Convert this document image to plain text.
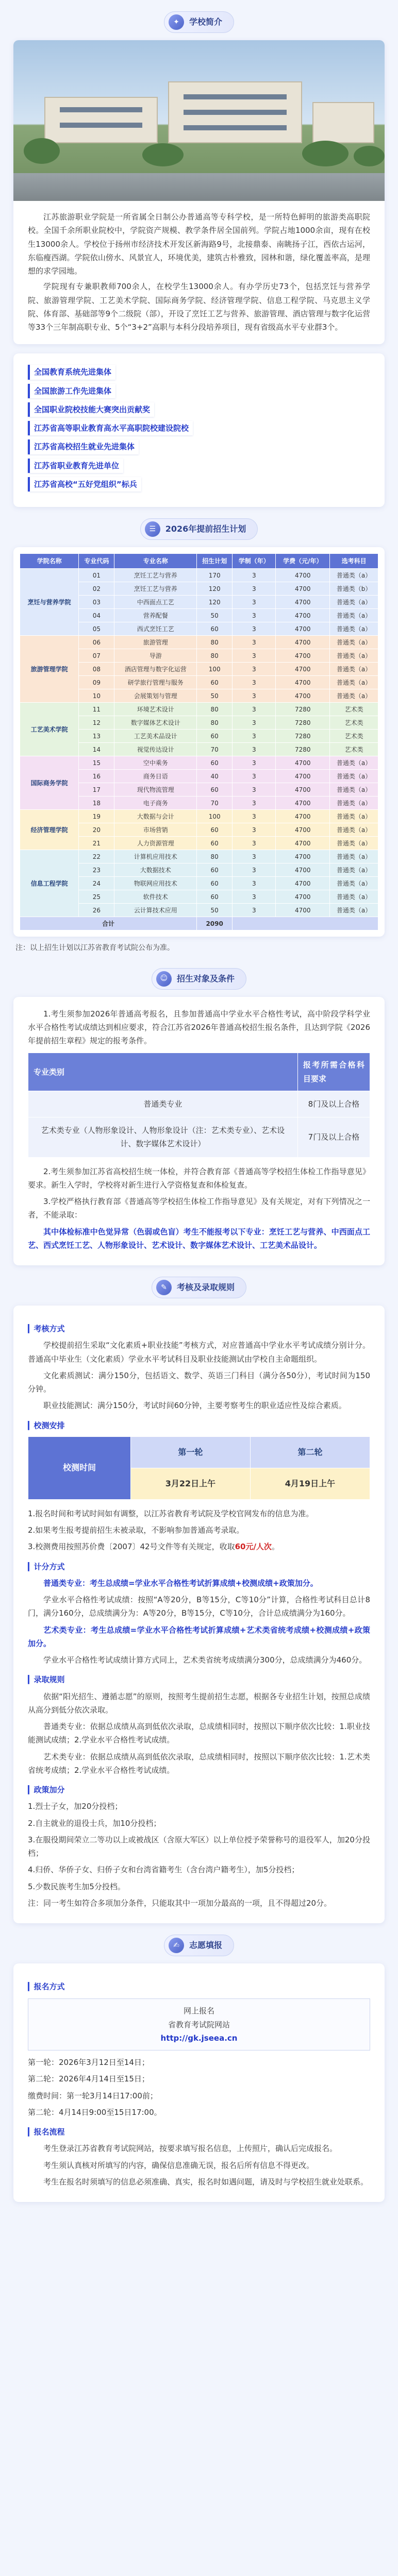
✦	学校简介

江苏旅游职业学院是一所省属全日制公办普通高等专科学校，是一所特色鲜明的旅游类高职院校。全国千余所职业院校中，学院资产规模、教学条件居全国前列。学院占地1000余亩，现有在校生13000余人。学校位于扬州市经济技术开发区新海路9号，北接鼎泰、南眺扬子江，西依古运河，东临瘦西湖。学院依山傍水、风景宜人，环境优美，建筑古朴雅致，园林和谐，绿化覆盖率高，是理想的求学园地。

学院现有专兼职教师700余人，在校学生13000余人。有办学历史73个，包括烹饪与营养学院、旅游管理学院、工艺美术学院、国际商务学院、经济管理学院、信息工程学院、马克思主义学院、体育部、基础部等9个二级院（部），开设了烹饪工艺与营养、旅游管理、酒店管理与数字化运营等33个三年制高职专业、5个“3+2”高职与本科分段培养项目，现有省级高水平专业群3个。

全国教育系统先进集体
全国旅游工作先进集体
全国职业院校技能大赛突出贡献奖
江苏省高等职业教育高水平高职院校建设院校
江苏省高校招生就业先进集体
江苏省职业教育先进单位
江苏省高校“五好党组织”标兵
☰	2026年提前招生计划
学院名称	专业代码	专业名称	招生计划	学制（年）	学费（元/年）	选考科目
烹饪与营养学院	01	烹饪工艺与营养	170	3	4700	普通类（a）
	02	烹饪工艺与营养	120	3	4700	普通类（b）
	03	中西面点工艺	120	3	4700	普通类（a）
	04	营养配餐	50	3	4700	普通类（a）
	05	西式烹饪工艺	60	3	4700	普通类（a）
旅游管理学院	06	旅游管理	80	3	4700	普通类（a）
	07	导游	80	3	4700	普通类（a）
	08	酒店管理与数字化运营	100	3	4700	普通类（a）
	09	研学旅行管理与服务	60	3	4700	普通类（a）
	10	会展策划与管理	50	3	4700	普通类（a）
工艺美术学院	11	环境艺术设计	80	3	7280	艺术类
	12	数字媒体艺术设计	80	3	7280	艺术类
	13	工艺美术品设计	60	3	7280	艺术类
	14	视觉传达设计	70	3	7280	艺术类
国际商务学院	15	空中乘务	60	3	4700	普通类（a）
	16	商务日语	40	3	4700	普通类（a）
	17	现代物流管理	60	3	4700	普通类（a）
	18	电子商务	70	3	4700	普通类（a）
经济管理学院	19	大数据与会计	100	3	4700	普通类（a）
	20	市场营销	60	3	4700	普通类（a）
	21	人力资源管理	60	3	4700	普通类（a）
信息工程学院	22	计算机应用技术	80	3	4700	普通类（a）
	23	大数据技术	60	3	4700	普通类（a）
	24	物联网应用技术	60	3	4700	普通类（a）
	25	软件技术	60	3	4700	普通类（a）
	26	云计算技术应用	50	3	4700	普通类（a）
合计			2090			
注：以上招生计划以江苏省教育考试院公布为准。
☺	招生对象及条件

1.考生须参加2026年普通高考报名，且参加普通高中学业水平合格性考试，高中阶段学科学业水平合格性考试成绩达到相应要求，符合江苏省2026年普通高校招生报名条件，且达到学院《2026年提前招生章程》规定的报考条件。

专业类别	报考所需合格科目要求
普通类专业	8门及以上合格
艺术类专业（人物形象设计、人物形象设计（注：艺术类专业）、艺术设计、数字媒体艺术设计）	7门及以上合格

2.考生须参加江苏省高校招生统一体检，并符合教育部《普通高等学校招生体检工作指导意见》要求。新生入学时，学校将对新生进行入学资格复查和体检复查。

3.学校严格执行教育部《普通高等学校招生体检工作指导意见》及有关规定，对有下列情况之一者，不能录取：

其中体检标准中色觉异常（色弱或色盲）考生不能报考以下专业：烹饪工艺与营养、中西面点工艺、西式烹饪工艺、人物形象设计、艺术设计、数字媒体艺术设计、工艺美术品设计。

✎	考核及录取规则
▎ 考核方式

学校提前招生采取“文化素质+职业技能”考核方式，对应普通高中学业水平考试成绩分别计分。普通高中毕业生（文化素质）学业水平考试科目及职业技能测试由学校自主命题组织。

文化素质测试：满分150分，包括语文、数学、英语三门科目（满分各50分），考试时间为150分钟。

职业技能测试：满分150分，考试时间60分钟，主要考察考生的职业适应性及综合素质。

▎ 校测安排
校测时间	第一轮	第二轮
	3月22日上午	4月19日上午

1.报名时间和考试时间如有调整，以江苏省教育考试院及学校官网发布的信息为准。

2.如果考生报考提前招生未被录取，不影响参加普通高考录取。

3.校测费用按照苏价费〔2007〕42号文件等有关规定，收取60元/人次。

▎ 计分方式

普通类专业：考生总成绩=学业水平合格性考试折算成绩+校测成绩+政策加分。

学业水平合格性考试成绩：按照“A等20分，B等15分，C等10分”计算，合格性考试科目总计8门，满分160分，总成绩满分为：A等20分，B等15分，C等10分，合计总成绩满分为160分。

艺术类专业：考生总成绩=学业水平合格性考试折算成绩+艺术类省统考成绩+校测成绩+政策加分。

学业水平合格性考试成绩计算方式同上，艺术类省统考成绩满分300分，总成绩满分为460分。

▎ 录取规则

依据“阳光招生、遵循志愿”的原则，按照考生提前招生志愿，根据各专业招生计划，按照总成绩从高分到低分依次录取。

普通类专业：依据总成绩从高到低依次录取，总成绩相同时，按照以下顺序依次比较：1.职业技能测试成绩；2.学业水平合格性考试成绩。

艺术类专业：依据总成绩从高到低依次录取，总成绩相同时，按照以下顺序依次比较：1.艺术类省统考成绩；2.学业水平合格性考试成绩。

▎ 政策加分

1.烈士子女，加20分投档；

2.自主就业的退役士兵，加10分投档；

3.在服役期间荣立二等功以上或被战区（含原大军区）以上单位授予荣誉称号的退役军人，加20分投档；

4.归侨、华侨子女、归侨子女和台湾省籍考生（含台湾户籍考生），加5分投档；

5.少数民族考生加5分投档。

注：同一考生如符合多项加分条件，只能取其中一项加分最高的一项，且不得超过20分。

✍	志愿填报
▎ 报名方式
网上报名
省教育考试院网站
http://gk.jseea.cn

第一轮：2026年3月12日至14日；

第二轮：2026年4月14日至15日；

缴费时间：第一轮3月14日17:00前；

第二轮：4月14日9:00至15日17:00。

▎ 报名流程

考生登录江苏省教育考试院网站，按要求填写报名信息，上传照片，确认后完成报名。

考生须认真核对所填写的内容，确保信息准确无误，报名后所有信息不得更改。

考生在报名时须填写的信息必须准确、真实，报名时如遇问题，请及时与学校招生就业处联系。
